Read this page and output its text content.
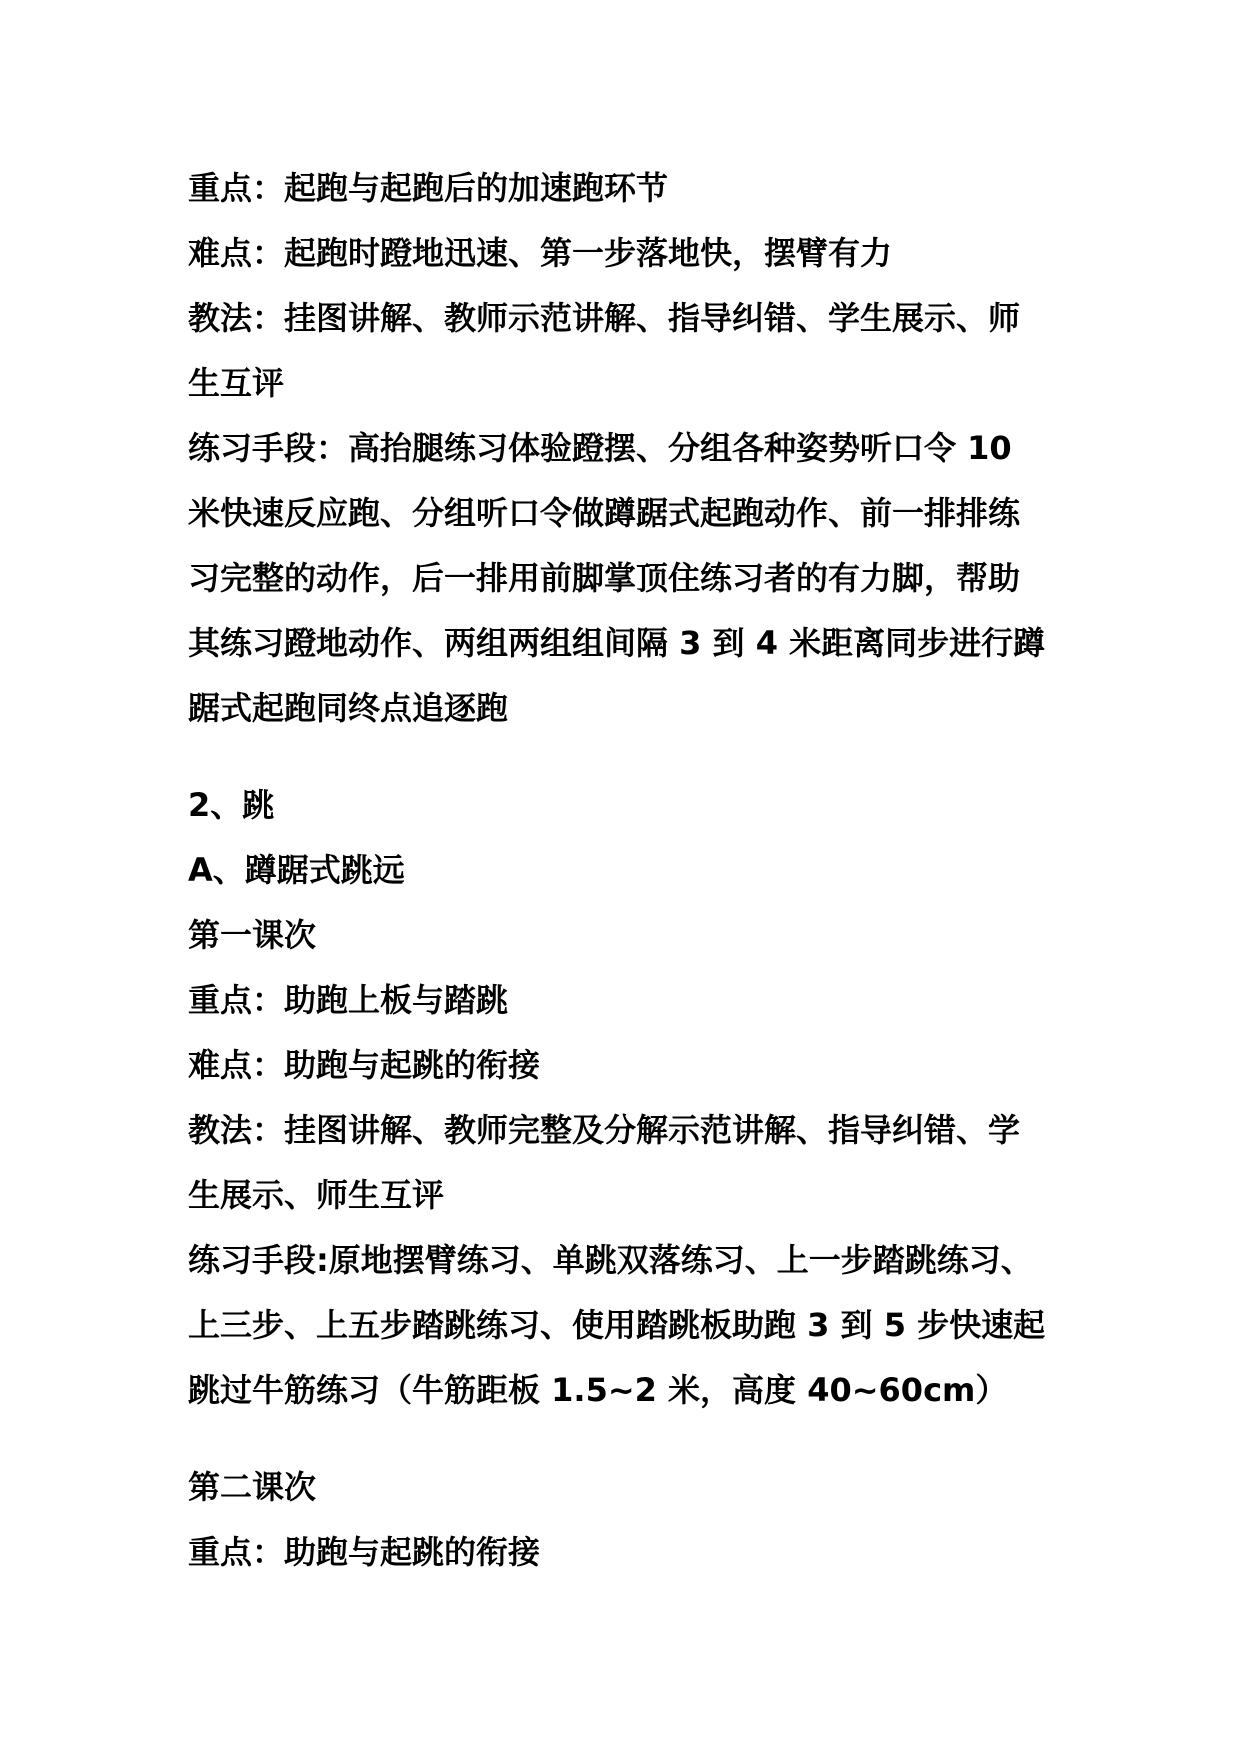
重点：起跑与起跑后的加速跑环节
难点：起跑时蹬地迅速、第一步落地快，摆臂有力
教法：挂图讲解、教师示范讲解、指导纠错、学生展示、师
生互评
练习手段：高抬腿练习体验蹬摆、分组各种姿势听口令 10
米快速反应跑、分组听口令做蹲踞式起跑动作、前一排排练
习完整的动作，后一排用前脚掌顶住练习者的有力脚，帮助
其练习蹬地动作、两组两组组间隔 3 到 4 米距离同步进行蹲
踞式起跑同终点追逐跑
2、跳
A、蹲踞式跳远
第一课次
重点：助跑上板与踏跳
难点：助跑与起跳的衔接
教法：挂图讲解、教师完整及分解示范讲解、指导纠错、学
生展示、师生互评
练习手段:原地摆臂练习、单跳双落练习、上一步踏跳练习、
上三步、上五步踏跳练习、使用踏跳板助跑 3 到 5 步快速起
跳过牛筋练习（牛筋距板 1.5~2 米，高度 40~60cm）
第二课次
重点：助跑与起跳的衔接
